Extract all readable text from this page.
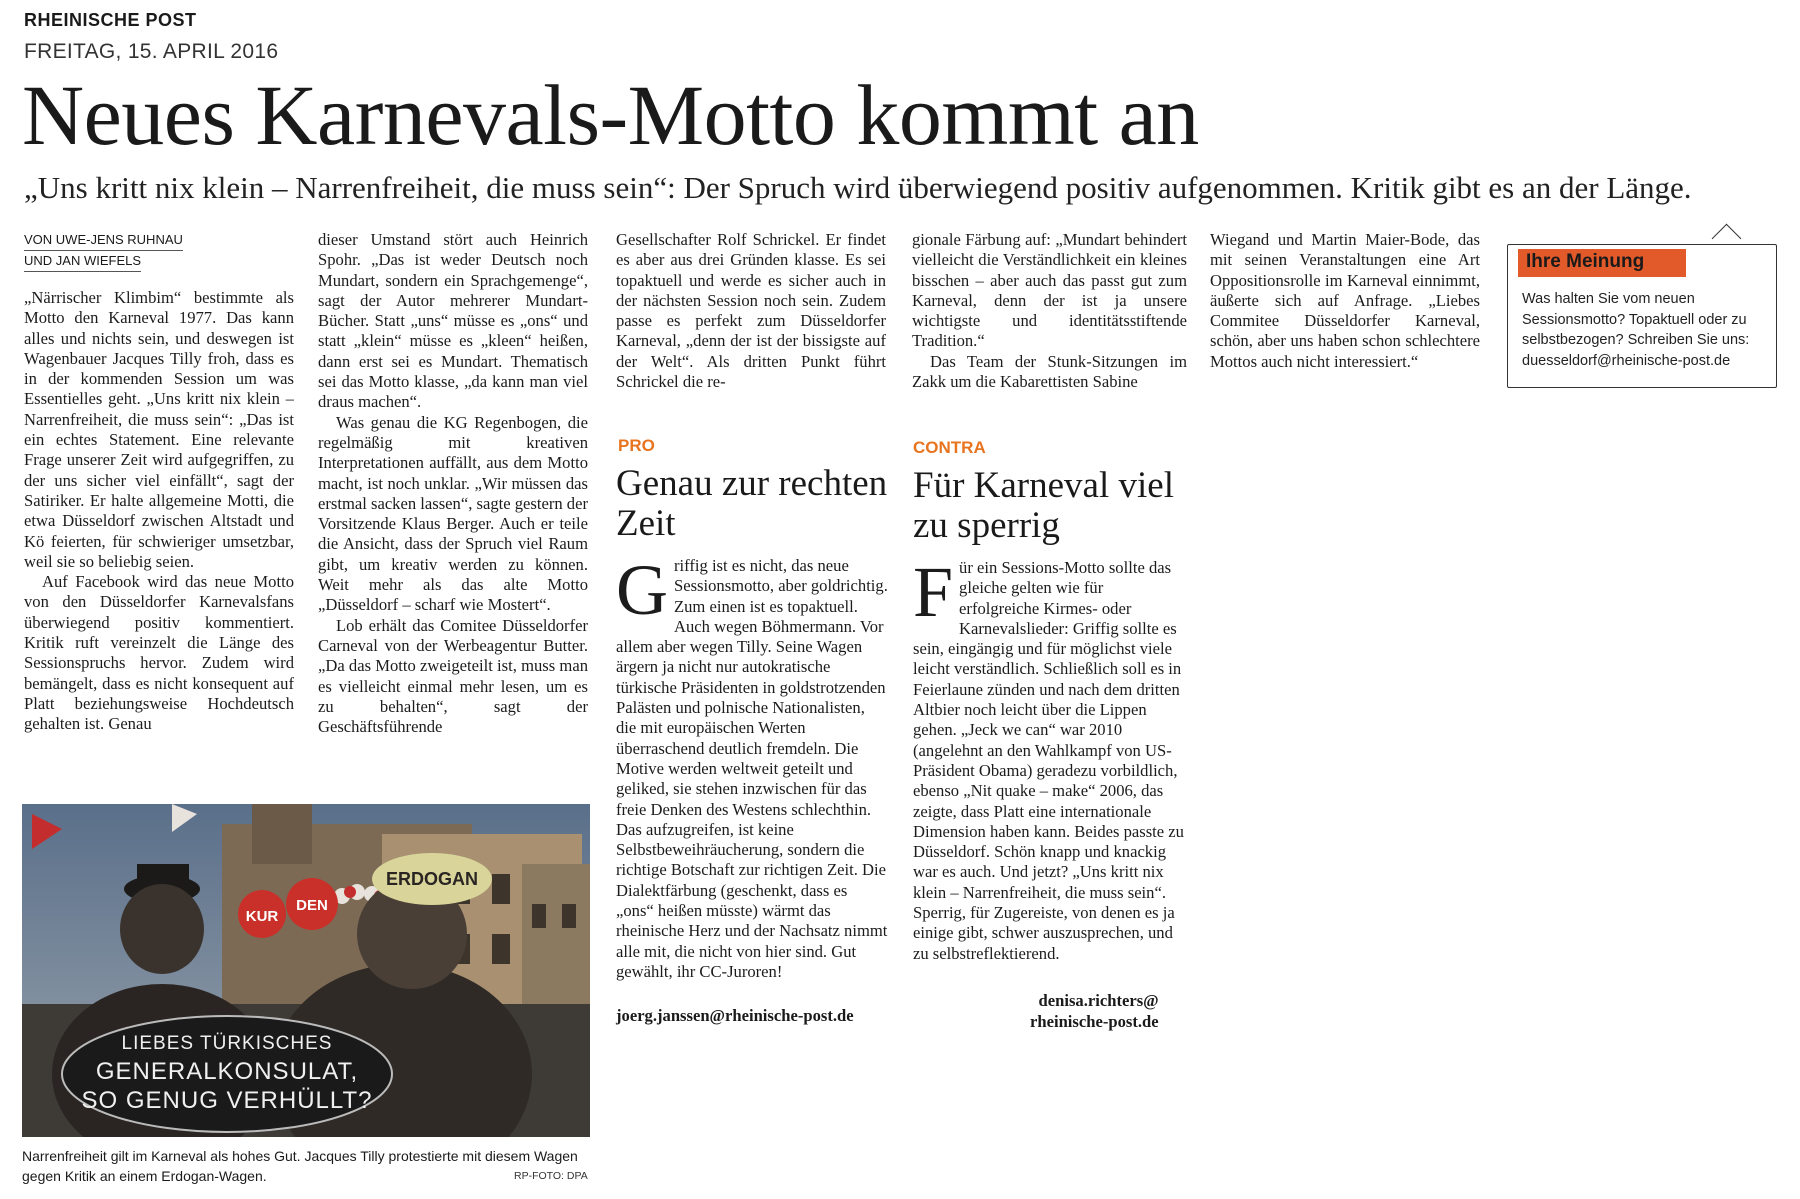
RHEINISCHE POST
FREITAG, 15. APRIL 2016
Neues Karnevals-Motto kommt an
„Uns kritt nix klein – Narrenfreiheit, die muss sein“: Der Spruch wird überwiegend positiv aufgenommen. Kritik gibt es an der Länge.
VON UWE-JENS RUHNAU
UND JAN WIEFELS

„Närrischer Klimbim“ bestimmte als Motto den Karneval 1977. Das kann alles und nichts sein, und deswegen ist Wagenbauer Jacques Tilly froh, dass es in der kommenden Session um was Essentielles geht. „Uns kritt nix klein – Narrenfreiheit, die muss sein“: „Das ist ein echtes Statement. Eine relevante Frage unserer Zeit wird aufgegriffen, zu der uns sicher viel einfällt“, sagt der Satiriker. Er halte allgemeine Motti, die etwa Düsseldorf zwischen Altstadt und Kö feierten, für schwieriger umsetzbar, weil sie so beliebig seien.

Auf Facebook wird das neue Motto von den Düsseldorfer Karnevalsfans überwiegend positiv kommentiert. Kritik ruft vereinzelt die Länge des Sessionspruchs hervor. Zudem wird bemängelt, dass es nicht konsequent auf Platt beziehungsweise Hochdeutsch gehalten ist. Genau

dieser Umstand stört auch Heinrich Spohr. „Das ist weder Deutsch noch Mundart, sondern ein Sprachgemenge“, sagt der Autor mehrerer Mundart-Bücher. Statt „uns“ müsse es „ons“ und statt „klein“ müsse es „kleen“ heißen, dann erst sei es Mundart. Thematisch sei das Motto klasse, „da kann man viel draus machen“.

Was genau die KG Regenbogen, die regelmäßig mit kreativen Interpretationen auffällt, aus dem Motto macht, ist noch unklar. „Wir müssen das erstmal sacken lassen“, sagte gestern der Vorsitzende Klaus Berger. Auch er teile die Ansicht, dass der Spruch viel Raum gibt, um kreativ werden zu können. Weit mehr als das alte Motto „Düsseldorf – scharf wie Mostert“.

Lob erhält das Comitee Düsseldorfer Carneval von der Werbeagentur Butter. „Da das Motto zweigeteilt ist, muss man es vielleicht einmal mehr lesen, um es zu behalten“, sagt der Geschäftsführende

Gesellschafter Rolf Schrickel. Er findet es aber aus drei Gründen klasse. Es sei topaktuell und werde es sicher auch in der nächsten Session noch sein. Zudem passe es perfekt zum Düsseldorfer Karneval, „denn der ist der bissigste auf der Welt“. Als dritten Punkt führt Schrickel die re-

gionale Färbung auf: „Mundart behindert vielleicht die Verständlichkeit ein kleines bisschen – aber auch das passt gut zum Karneval, denn der ist ja unsere wichtigste und identitätsstiftende Tradition.“

Das Team der Stunk-Sitzungen im Zakk um die Kabarettisten Sabine

Wiegand und Martin Maier-Bode, das mit seinen Veranstaltungen eine Art Oppositionsrolle im Karneval einnimmt, äußerte sich auf Anfrage. „Liebes Commitee Düsseldorfer Karneval, schön, aber uns haben schon schlechtere Mottos auch nicht interessiert.“

Ihre Meinung
Was halten Sie vom neuen Sessionsmotto? Topaktuell oder zu selbstbezogen? Schreiben Sie uns: duesseldorf@rheinische-post.de
PRO
Genau zur rechten Zeit
G riffig ist es nicht, das neue Sessionsmotto, aber goldrichtig. Zum einen ist es topaktuell. Auch wegen Böhmermann. Vor allem aber wegen Tilly. Seine Wagen ärgern ja nicht nur autokratische türkische Präsidenten in goldstrotzenden Palästen und polnische Nationalisten, die mit europäischen Werten überraschend deutlich fremdeln. Die Motive werden weltweit geteilt und geliked, sie stehen inzwischen für das freie Denken des Westens schlechthin. Das aufzugreifen, ist keine Selbstbeweihräucherung, sondern die richtige Botschaft zur richtigen Zeit. Die Dialektfärbung (geschenkt, dass es „ons“ heißen müsste) wärmt das rheinische Herz und der Nachsatz nimmt alle mit, die nicht von hier sind. Gut gewählt, ihr CC-Juroren!
joerg.janssen@rheinische-post.de
CONTRA
Für Karneval viel zu sperrig
F ür ein Sessions-Motto sollte das gleiche gelten wie für erfolgreiche Kirmes- oder Karnevalslieder: Griffig sollte es sein, eingängig und für möglichst viele leicht verständlich. Schließlich soll es in Feierlaune zünden und nach dem dritten Altbier noch leicht über die Lippen gehen. „Jeck we can“ war 2010 (angelehnt an den Wahlkampf von US-Präsident Obama) geradezu vorbildlich, ebenso „Nit quake – make“ 2006, das zeigte, dass Platt eine internationale Dimension haben kann. Beides passte zu Düsseldorf. Schön knapp und knackig war es auch. Und jetzt? „Uns kritt nix klein – Narrenfreiheit, die muss sein“. Sperrig, für Zugereiste, von denen es ja einige gibt, schwer auszusprechen, und zu selbstreflektierend.
denisa.richters@
rheinische-post.de
ERDOGAN
KUR
DEN
LIEBES TÜRKISCHES
GENERALKONSULAT,
SO GENUG VERHÜLLT?
Narrenfreiheit gilt im Karneval als hohes Gut. Jacques Tilly protestierte mit diesem Wagen gegen Kritik an einem Erdogan-Wagen.	RP-FOTO: DPA
